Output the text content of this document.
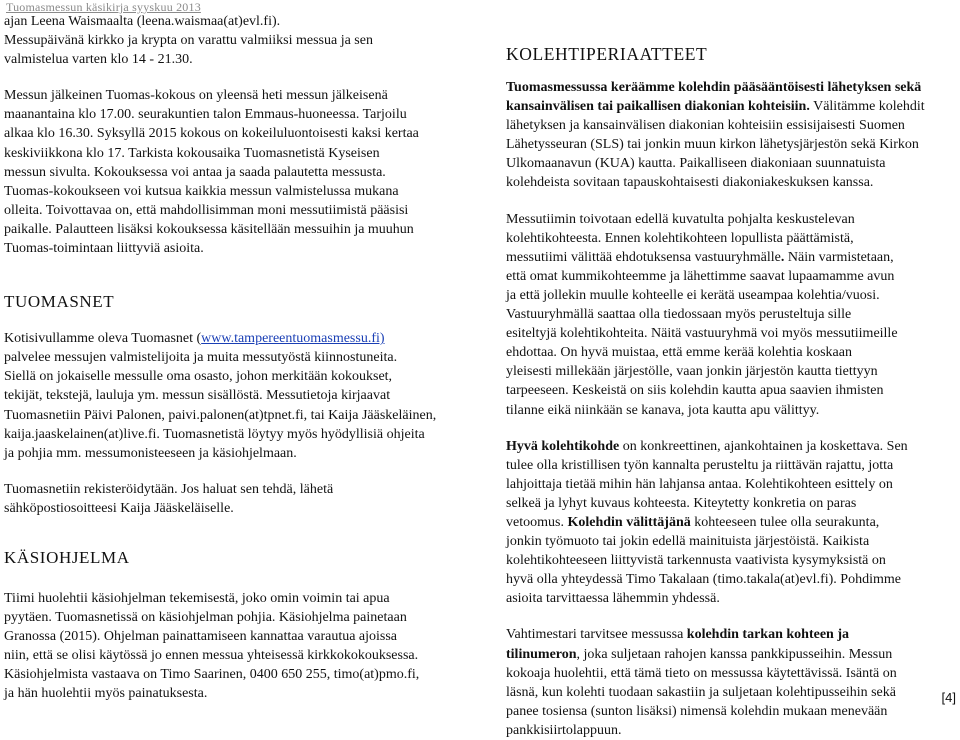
Tuomasmessun käsikirja syyskuu 2013

ajan Leena Waismaalta (leena.waismaa(at)evl.fi).
Messupäivänä kirkko ja krypta on varattu valmiiksi messua ja sen
valmistelua varten klo 14 - 21.30.

Messun jälkeinen Tuomas-kokous on yleensä heti messun jälkeisenä
maanantaina klo 17.00. seurakuntien talon Emmaus-huoneessa. Tarjoilu
alkaa klo 16.30. Syksyllä 2015 kokous on kokeiluluontoisesti kaksi kertaa
keskiviikkona klo 17. Tarkista kokousaika Tuomasnetistä Kyseisen
messun sivulta. Kokouksessa voi antaa ja saada palautetta messusta.
Tuomas-kokoukseen voi kutsua kaikkia messun valmistelussa mukana
olleita. Toivottavaa on, että mahdollisimman moni messutiimistä pääsisi
paikalle. Palautteen lisäksi kokouksessa käsitellään messuihin ja muuhun
Tuomas-toimintaan liittyviä asioita.

TUOMASNET

Kotisivullamme oleva Tuomasnet (www.tampereentuomasmessu.fi)
palvelee messujen valmistelijoita ja muita messutyöstä kiinnostuneita.
Siellä on jokaiselle messulle oma osasto, johon merkitään kokoukset,
tekijät, tekstejä, lauluja ym. messun sisällöstä. Messutietoja kirjaavat
Tuomasnetiin Päivi Palonen, paivi.palonen(at)tpnet.fi, tai Kaija Jääskeläinen,
kaija.jaaskelainen(at)live.fi. Tuomasnetistä löytyy myös hyödyllisiä ohjeita
ja pohjia mm. messumonisteeseen ja käsiohjelmaan.

Tuomasnetiin rekisteröidytään. Jos haluat sen tehdä, lähetä
sähköpostiosoitteesi Kaija Jääskeläiselle.

KÄSIOHJELMA

Tiimi huolehtii käsiohjelman tekemisestä, joko omin voimin tai apua
pyytäen. Tuomasnetissä on käsiohjelman pohjia. Käsiohjelma painetaan
Granossa (2015). Ohjelman painattamiseen kannattaa varautua ajoissa
niin, että se olisi käytössä jo ennen messua yhteisessä kirkkokokouksessa.
Käsiohjelmista vastaava on Timo Saarinen, 0400 650 255, timo(at)pmo.fi,
ja hän huolehtii myös painatuksesta.

KOLEHTIPERIAATTEET

Tuomasmessussa keräämme kolehdin pääsääntöisesti lähetyksen sekä
kansainvälisen tai paikallisen diakonian kohteisiin. Välitämme kolehdit
lähetyksen ja kansainvälisen diakonian kohteisiin essisijaisesti Suomen
Lähetysseuran (SLS) tai jonkin muun kirkon lähetysjärjestön sekä Kirkon
Ulkomaanavun (KUA) kautta. Paikalliseen diakoniaan suunnatuista
kolehdeista sovitaan tapauskohtaisesti diakoniakeskuksen kanssa.

Messutiimin toivotaan edellä kuvatulta pohjalta keskustelevan
kolehtikohteesta. Ennen kolehtikohteen lopullista päättämistä,
messutiimi välittää ehdotuksensa vastuuryhmälle. Näin varmistetaan,
että omat kummikohteemme ja lähettimme saavat lupaamamme avun
ja että jollekin muulle kohteelle ei kerätä useampaa kolehtia/vuosi.
Vastuuryhmällä saattaa olla tiedossaan myös perusteltuja sille
esiteltyjä kolehtikohteita. Näitä vastuuryhmä voi myös messutiimeille
ehdottaa. On hyvä muistaa, että emme kerää kolehtia koskaan
yleisesti millekään järjestölle, vaan jonkin järjestön kautta tiettyyn
tarpeeseen. Keskeistä on siis kolehdin kautta apua saavien ihmisten
tilanne eikä niinkään se kanava, jota kautta apu välittyy.

Hyvä kolehtikohde on konkreettinen, ajankohtainen ja koskettava. Sen
tulee olla kristillisen työn kannalta perusteltu ja riittävän rajattu, jotta
lahjoittaja tietää mihin hän lahjansa antaa. Kolehtikohteen esittely on
selkeä ja lyhyt kuvaus kohteesta. Kiteytetty konkretia on paras
vetoomus. Kolehdin välittäjänä kohteeseen tulee olla seurakunta,
jonkin työmuoto tai jokin edellä mainituista järjestöistä. Kaikista
kolehtikohteeseen liittyvistä tarkennusta vaativista kysymyksistä on
hyvä olla yhteydessä Timo Takalaan (timo.takala(at)evl.fi). Pohdimme
asioita tarvittaessa lähemmin yhdessä.

Vahtimestari tarvitsee messussa kolehdin tarkan kohteen ja
tilinumeron, joka suljetaan rahojen kanssa pankkipusseihin. Messun
kokoaja huolehtii, että tämä tieto on messussa käytettävissä. Isäntä on
läsnä, kun kolehti tuodaan sakastiin ja suljetaan kolehtipusseihin sekä
panee tosiensa (sunton lisäksi) nimensä kolehdin mukaan menevään
pankkisiirtolappuun.

[4]
